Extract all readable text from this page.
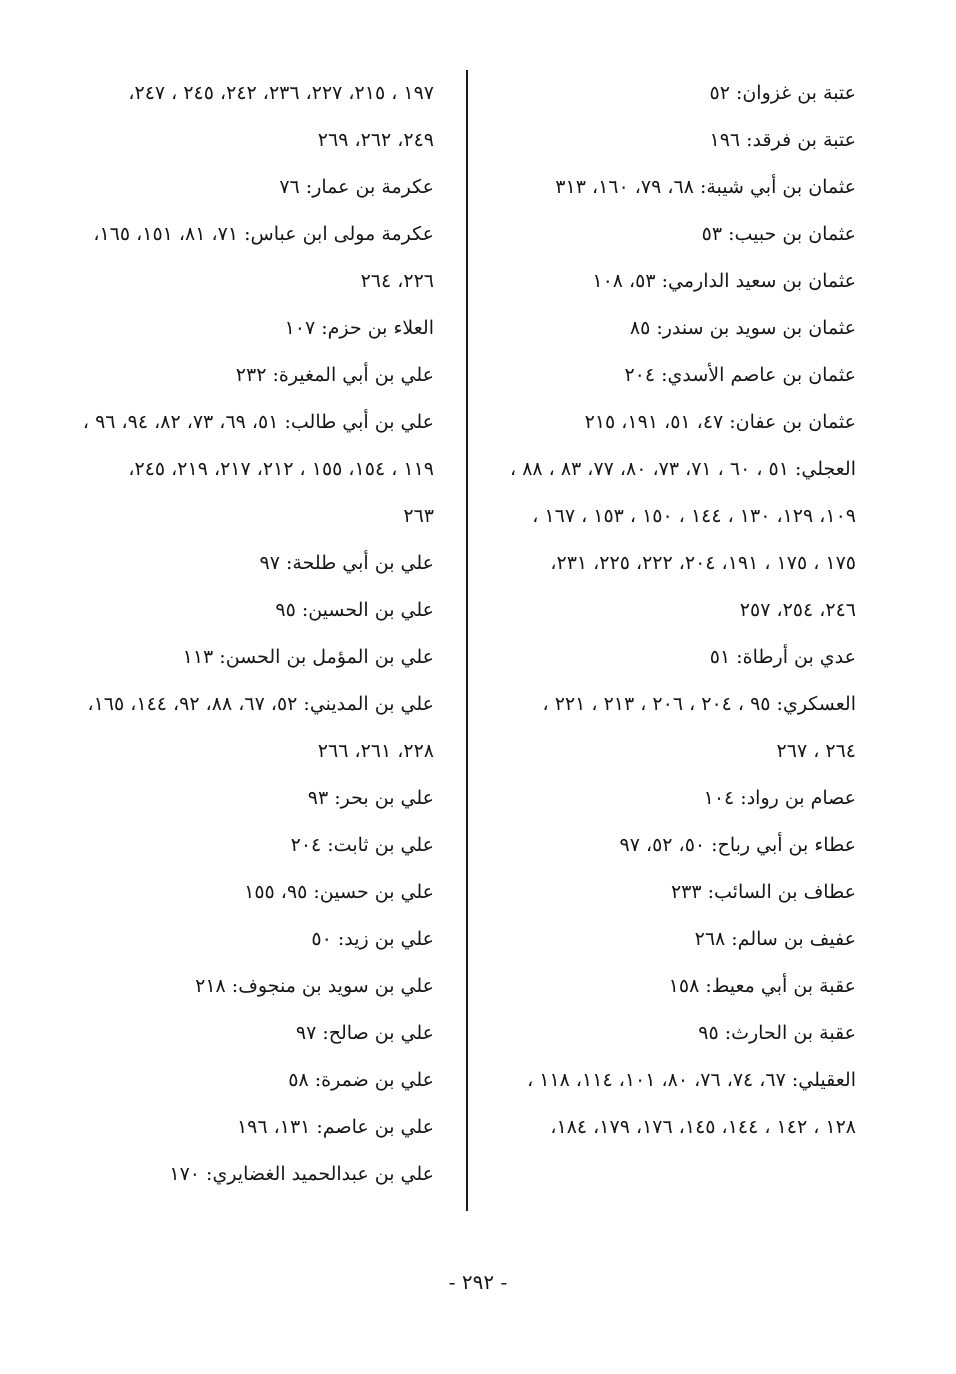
عتبة بن غزوان: ٥٢
عتبة بن فرقد: ١٩٦
عثمان بن أبي شيبة: ٦٨، ٧٩، ١٦٠، ٣١٣
عثمان بن حبيب: ٥٣
عثمان بن سعيد الدارمي: ٥٣، ١٠٨
عثمان بن سويد بن سندر: ٨٥
عثمان بن عاصم الأسدي: ٢٠٤
عثمان بن عفان: ٤٧، ٥١، ١٩١، ٢١٥
العجلي: ٥١ ، ٦٠ ، ٧١، ٧٣، ٨٠، ٧٧، ٨٣ ، ٨٨ ،
١٠٩، ١٢٩، ١٣٠ ، ١٤٤ ، ١٥٠ ، ١٥٣ ، ١٦٧ ،
١٧٥ ، ١٧٥ ، ١٩١، ٢٠٤، ٢٢٢، ٢٢٥، ٢٣١،
٢٤٦، ٢٥٤، ٢٥٧
عدي بن أرطاة: ٥١
العسكري: ٩٥ ، ٢٠٤ ، ٢٠٦ ، ٢١٣ ، ٢٢١ ،
٢٦٤ ، ٢٦٧
عصام بن رواد: ١٠٤
عطاء بن أبي رباح: ٥٠، ٥٢، ٩٧
عطاف بن السائب: ٢٣٣
عفيف بن سالم: ٢٦٨
عقبة بن أبي معيط: ١٥٨
عقبة بن الحارث: ٩٥
العقيلي: ٦٧، ٧٤، ٧٦، ٨٠، ١٠١، ١١٤، ١١٨ ،
١٢٨ ، ١٤٢ ، ١٤٤، ١٤٥، ١٧٦، ١٧٩، ١٨٤،
١٩٧ ، ٢١٥، ٢٢٧، ٢٣٦، ٢٤٢، ٢٤٥ ، ٢٤٧،
٢٤٩، ٢٦٢، ٢٦٩
عكرمة بن عمار: ٧٦
عكرمة مولى ابن عباس: ٧١، ٨١، ١٥١، ١٦٥،
٢٢٦، ٢٦٤
العلاء بن حزم: ١٠٧
علي بن أبي المغيرة: ٢٣٢
علي بن أبي طالب: ٥١، ٦٩، ٧٣، ٨٢، ٩٤، ٩٦ ،
١١٩ ، ١٥٤، ١٥٥ ، ٢١٢، ٢١٧، ٢١٩، ٢٤٥،
٢٦٣
علي بن أبي طلحة: ٩٧
علي بن الحسين: ٩٥
علي بن المؤمل بن الحسن: ١١٣
علي بن المديني: ٥٢، ٦٧، ٨٨، ٩٢، ١٤٤، ١٦٥،
٢٢٨، ٢٦١، ٢٦٦
علي بن بحر: ٩٣
علي بن ثابت: ٢٠٤
علي بن حسين: ٩٥، ١٥٥
علي بن زيد: ٥٠
علي بن سويد بن منجوف: ٢١٨
علي بن صالح: ٩٧
علي بن ضمرة: ٥٨
علي بن عاصم: ١٣١، ١٩٦
علي بن عبدالحميد الغضايري: ١٧٠
- ٢٩٢ -
